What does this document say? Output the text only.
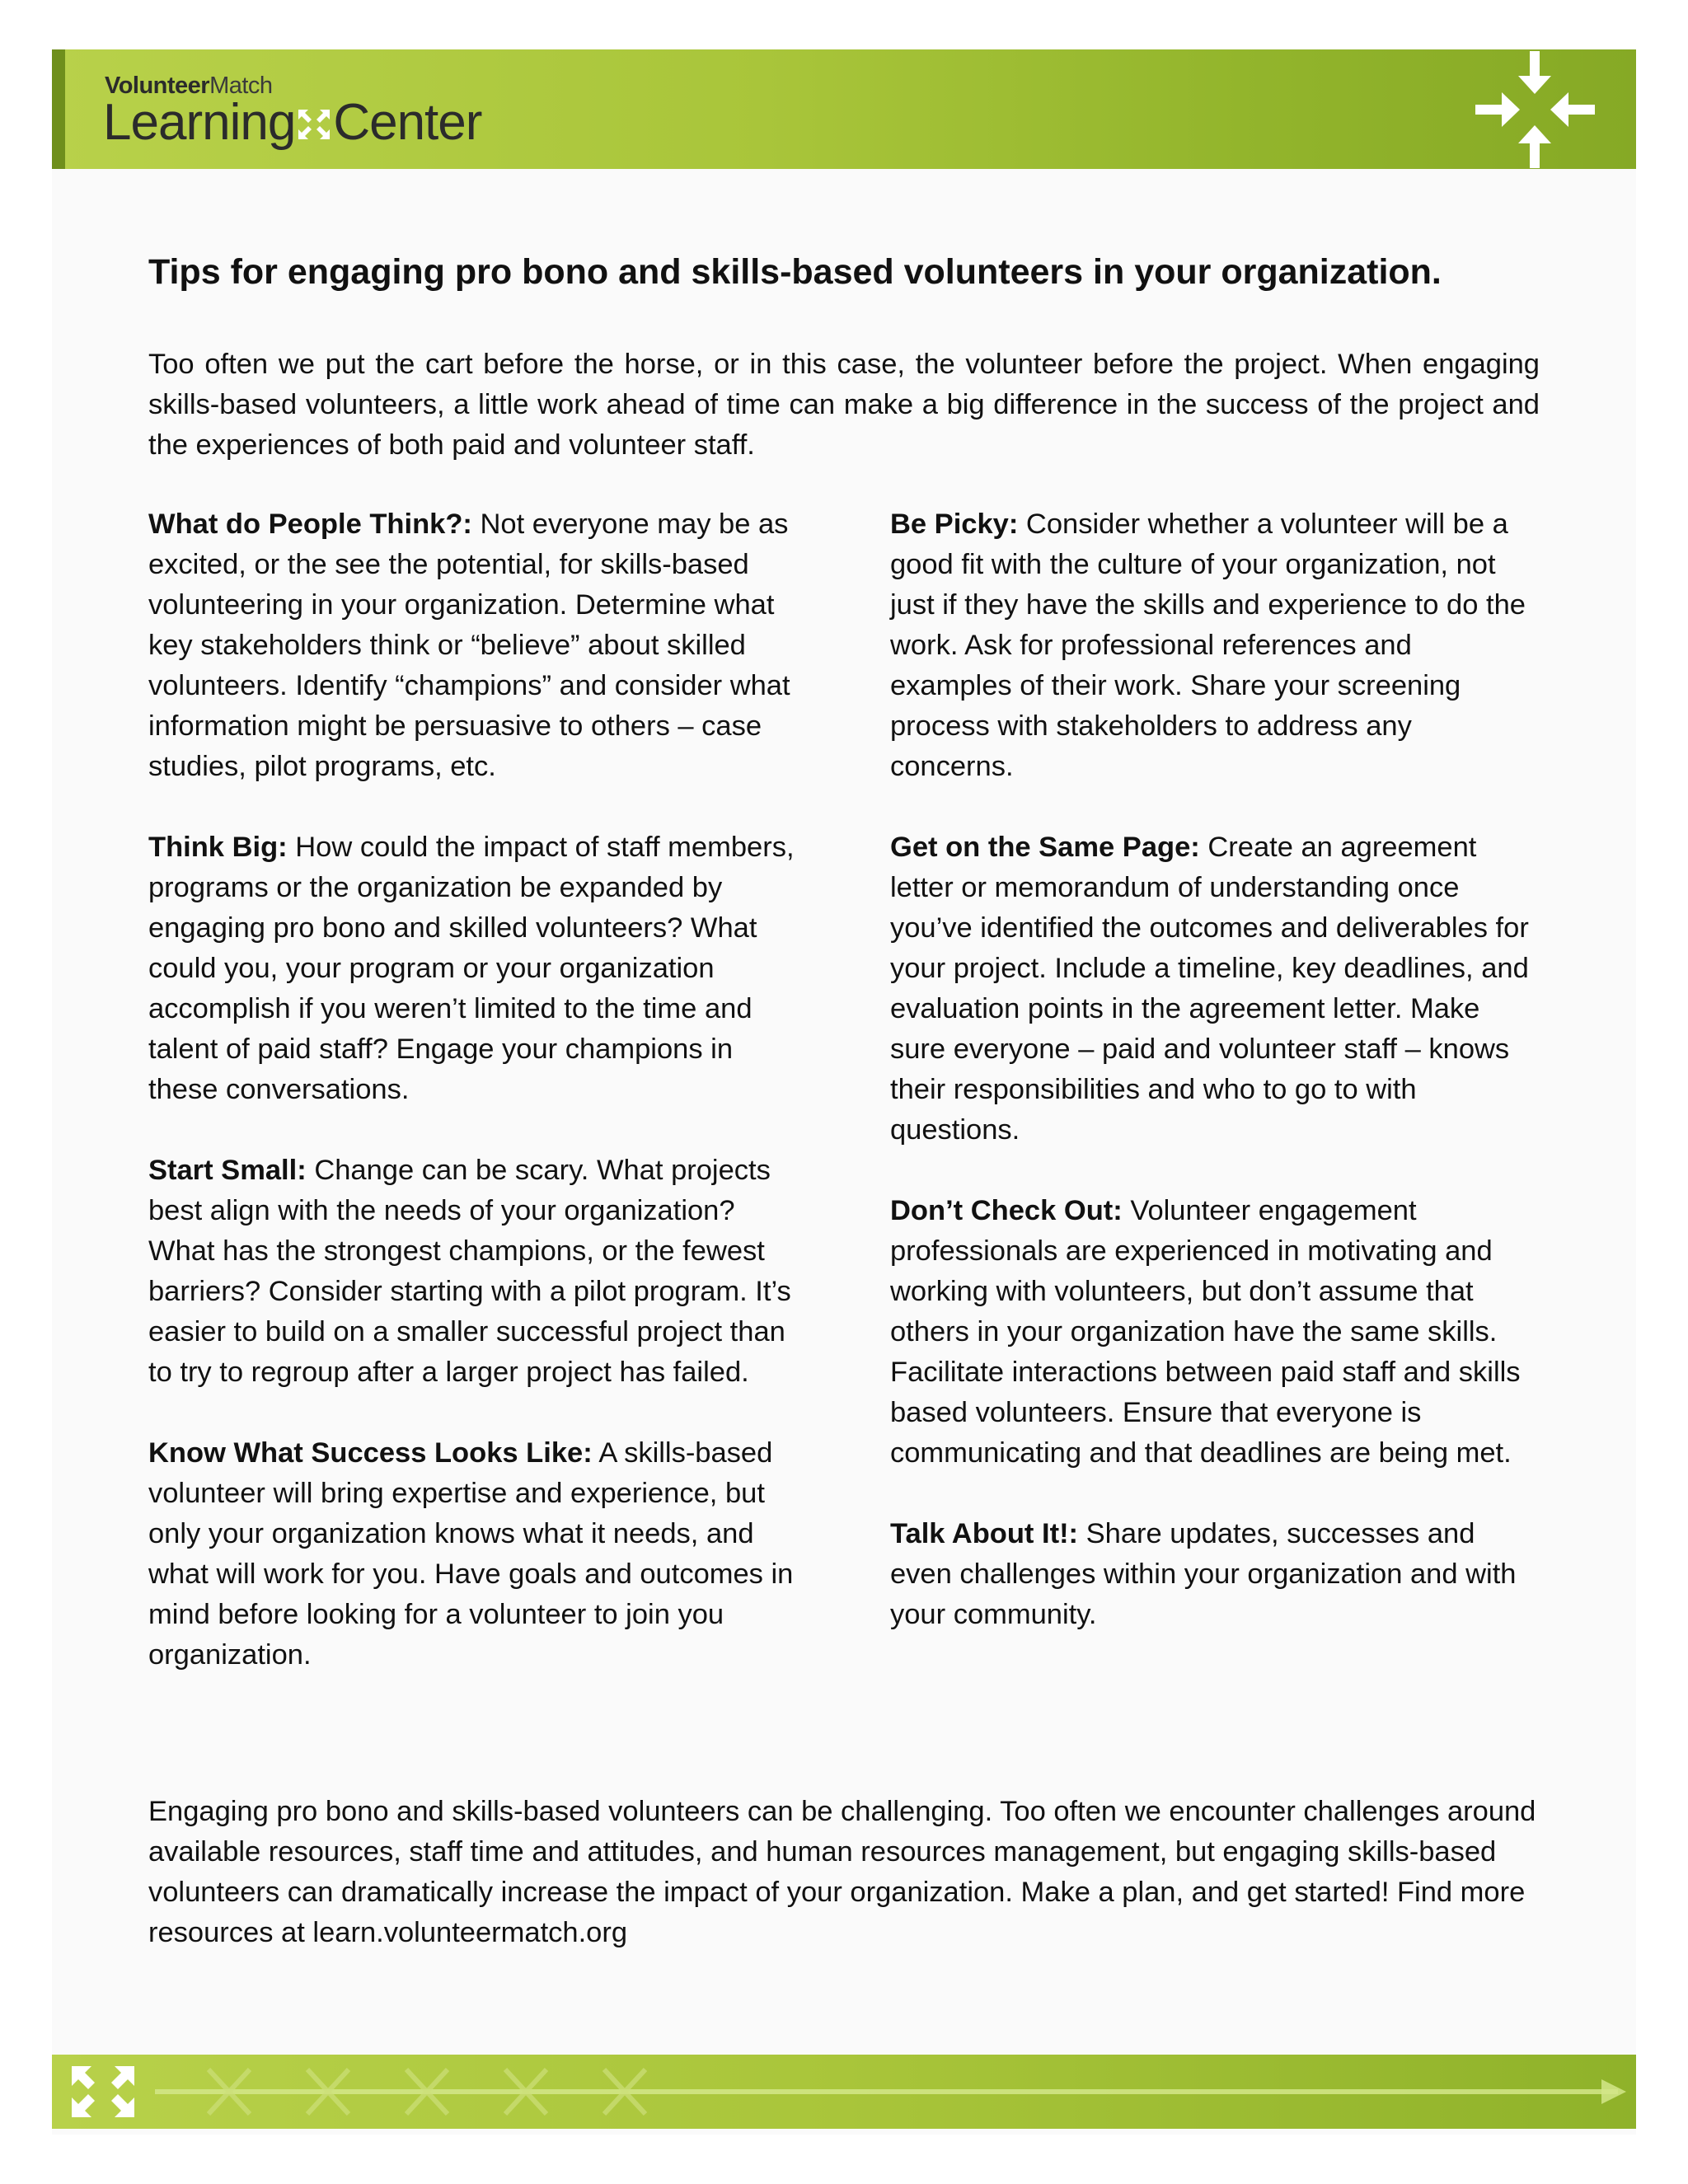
VolunteerMatch
Learning Center
Tips for engaging pro bono and skills-based volunteers in your organization.

Too often we put the cart before the horse, or in this case, the volunteer before the project. When engaging skills-based volunteers, a little work ahead of time can make a big difference in the success of the project and the experiences of both paid and volunteer staff.

What do People Think?: Not everyone may be as excited, or the see the potential, for skills-based volunteering in your organization. Determine what key stakeholders think or “believe” about skilled volunteers. Identify “champions” and consider what information might be persuasive to others – case studies, pilot programs, etc.

Think Big: How could the impact of staff members, programs or the organization be expanded by engaging pro bono and skilled volunteers? What could you, your program or your organization accomplish if you weren’t limited to the time and talent of paid staff? Engage your champions in these conversations.

Start Small: Change can be scary. What projects best align with the needs of your organization? What has the strongest champions, or the fewest barriers? Consider starting with a pilot program. It’s easier to build on a smaller successful project than to try to regroup after a larger project has failed.

Know What Success Looks Like: A skills-based volunteer will bring expertise and experience, but only your organization knows what it needs, and what will work for you. Have goals and outcomes in mind before looking for a volunteer to join you organization.

Be Picky: Consider whether a volunteer will be a good fit with the culture of your organization, not just if they have the skills and experience to do the work. Ask for professional references and examples of their work. Share your screening process with stakeholders to address any concerns.

Get on the Same Page: Create an agreement letter or memorandum of understanding once you’ve identified the outcomes and deliverables for your project. Include a timeline, key deadlines, and evaluation points in the agreement letter. Make sure everyone – paid and volunteer staff – knows their responsibilities and who to go to with questions.

Don’t Check Out: Volunteer engagement professionals are experienced in motivating and working with volunteers, but don’t assume that others in your organization have the same skills. Facilitate interactions between paid staff and skills based volunteers. Ensure that everyone is communicating and that deadlines are being met.

Talk About It!: Share updates, successes and even challenges within your organization and with your community.

Engaging pro bono and skills-based volunteers can be challenging. Too often we encounter challenges around available resources, staff time and attitudes, and human resources management, but engaging skills-based volunteers can dramatically increase the impact of your organization. Make a plan, and get started! Find more resources at learn.volunteermatch.org
